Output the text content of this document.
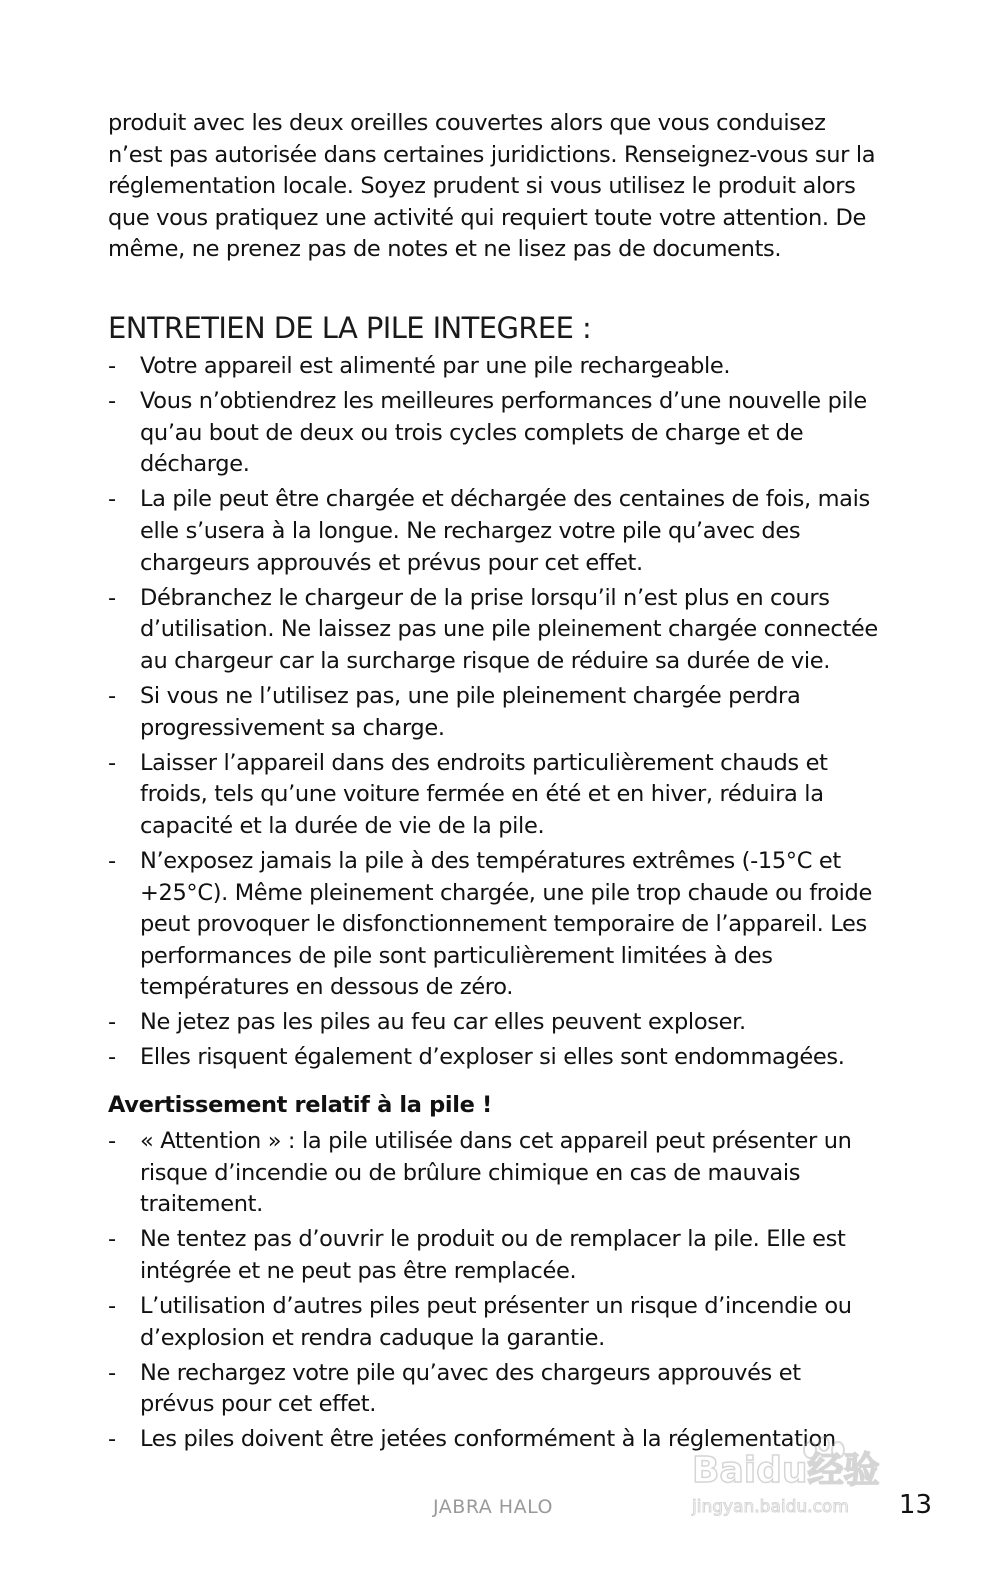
produit avec les deux oreilles couvertes alors que vous conduisez n’est pas autorisée dans certaines juridictions. Renseignez-vous sur la réglementation locale. Soyez prudent si vous utilisez le produit alors que vous pratiquez une activité qui requiert toute votre attention. De même, ne prenez pas de notes et ne lisez pas de documents.

ENTRETIEN DE LA PILE INTEGREE :
- Votre appareil est alimenté par une pile rechargeable.
- Vous n’obtiendrez les meilleures performances d’une nouvelle pile qu’au bout de deux ou trois cycles complets de charge et de décharge.
- La pile peut être chargée et déchargée des centaines de fois, mais elle s’usera à la longue. Ne rechargez votre pile qu’avec des chargeurs approuvés et prévus pour cet effet.
- Débranchez le chargeur de la prise lorsqu’il n’est plus en cours d’utilisation. Ne laissez pas une pile pleinement chargée connectée au chargeur car la surcharge risque de réduire sa durée de vie.
- Si vous ne l’utilisez pas, une pile pleinement chargée perdra progressivement sa charge.
- Laisser l’appareil dans des endroits particulièrement chauds et froids, tels qu’une voiture fermée en été et en hiver, réduira la capacité et la durée de vie de la pile.
- N’exposez jamais la pile à des températures extrêmes (-15°C et +25°C). Même pleinement chargée, une pile trop chaude ou froide peut provoquer le disfonctionnement temporaire de l’appareil. Les performances de pile sont particulièrement limitées à des températures en dessous de zéro.
- Ne jetez pas les piles au feu car elles peuvent exploser.
- Elles risquent également d’exploser si elles sont endommagées.
Avertissement relatif à la pile !
- « Attention » : la pile utilisée dans cet appareil peut présenter un risque d’incendie ou de brûlure chimique en cas de mauvais traitement.
- Ne tentez pas d’ouvrir le produit ou de remplacer la pile. Elle est intégrée et ne peut pas être remplacée.
- L’utilisation d’autres piles peut présenter un risque d’incendie ou d’explosion et rendra caduque la garantie.
- Ne rechargez votre pile qu’avec des chargeurs approuvés et prévus pour cet effet.
- Les piles doivent être jetées conformément à la réglementation
JABRA HALO	13
Baidu经验
jingyan.baidu.com
